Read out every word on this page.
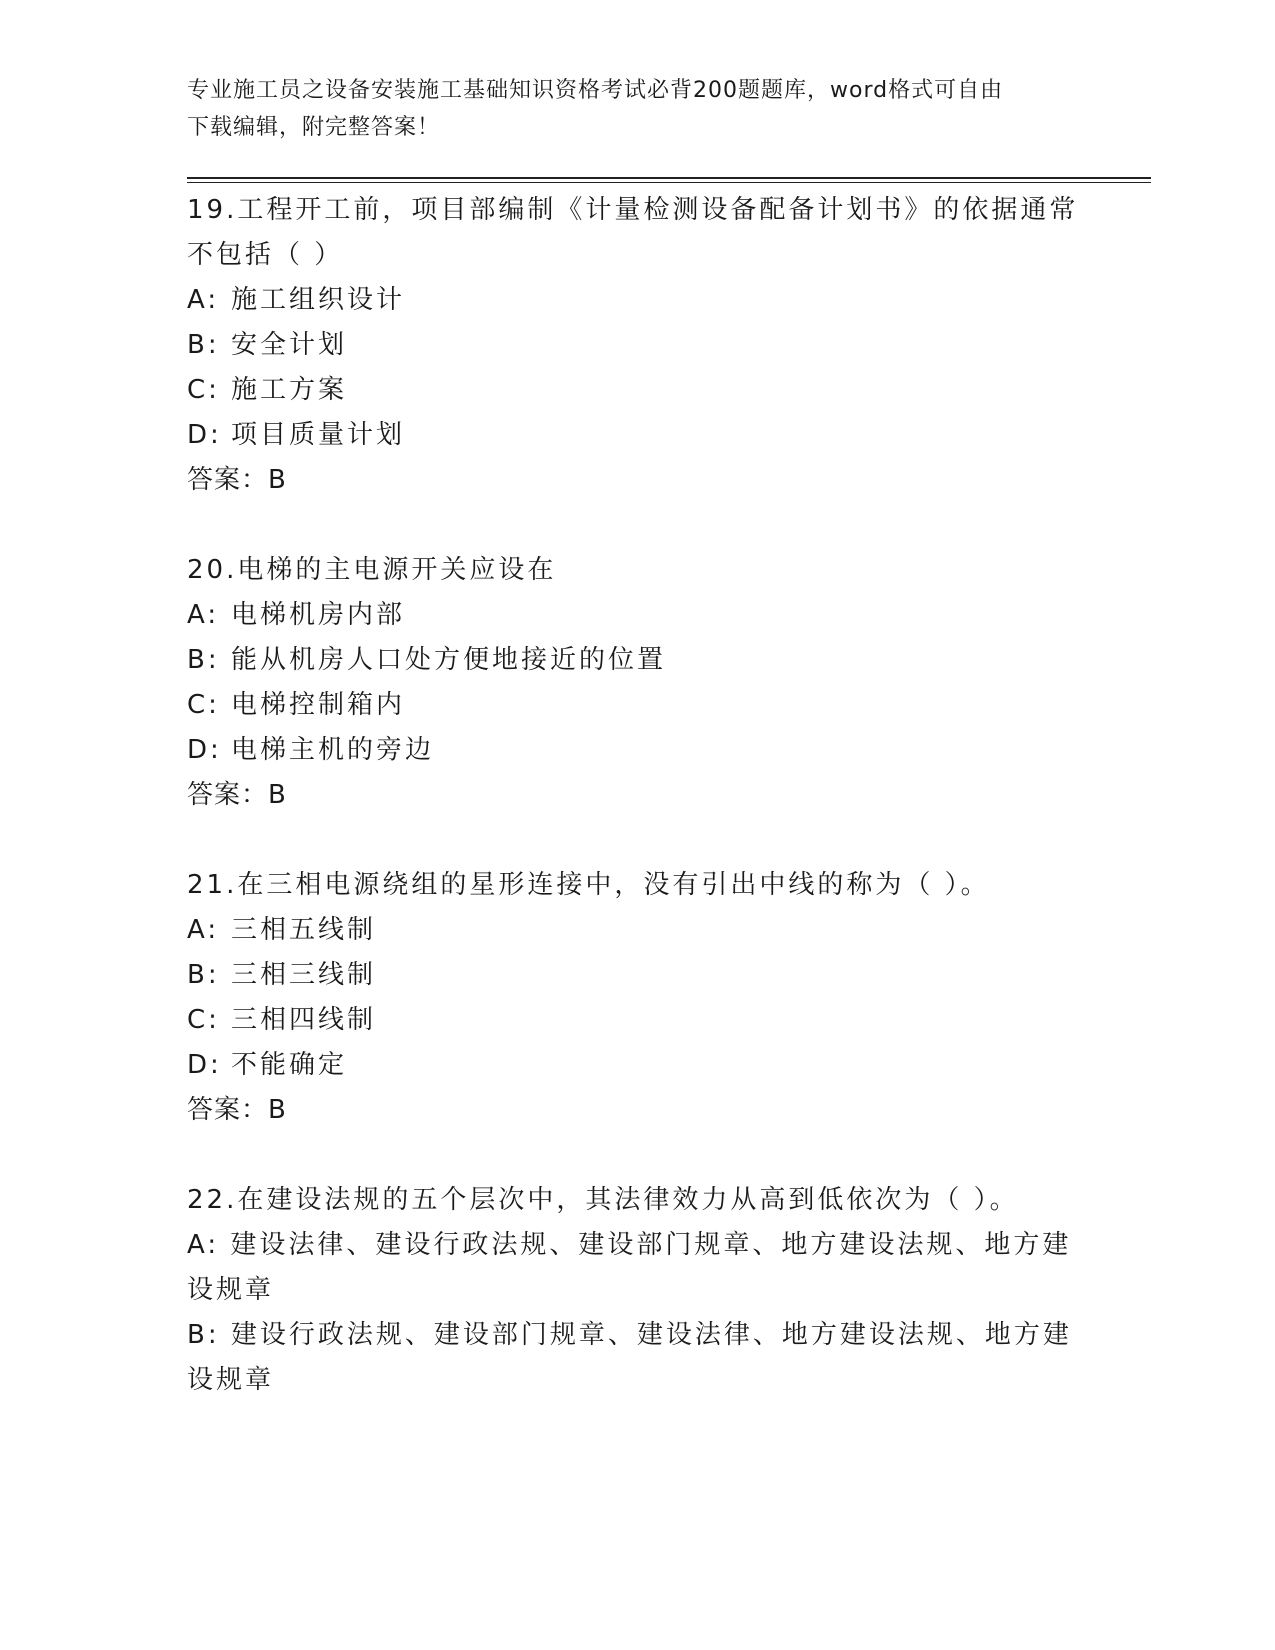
专业施工员之设备安装施工基础知识资格考试必背200题题库，word格式可自由
下载编辑，附完整答案！
19.工程开工前，项目部编制《计量检测设备配备计划书》的依据通常
不包括（ ）
A: 施工组织设计
B: 安全计划
C: 施工方案
D: 项目质量计划
答案：B
20.电梯的主电源开关应设在
A: 电梯机房内部
B: 能从机房人口处方便地接近的位置
C: 电梯控制箱内
D: 电梯主机的旁边
答案：B
21.在三相电源绕组的星形连接中，没有引出中线的称为（ ）。
A: 三相五线制
B: 三相三线制
C: 三相四线制
D: 不能确定
答案：B
22.在建设法规的五个层次中，其法律效力从高到低依次为（ ）。
A: 建设法律、建设行政法规、建设部门规章、地方建设法规、地方建
设规章
B: 建设行政法规、建设部门规章、建设法律、地方建设法规、地方建
设规章
